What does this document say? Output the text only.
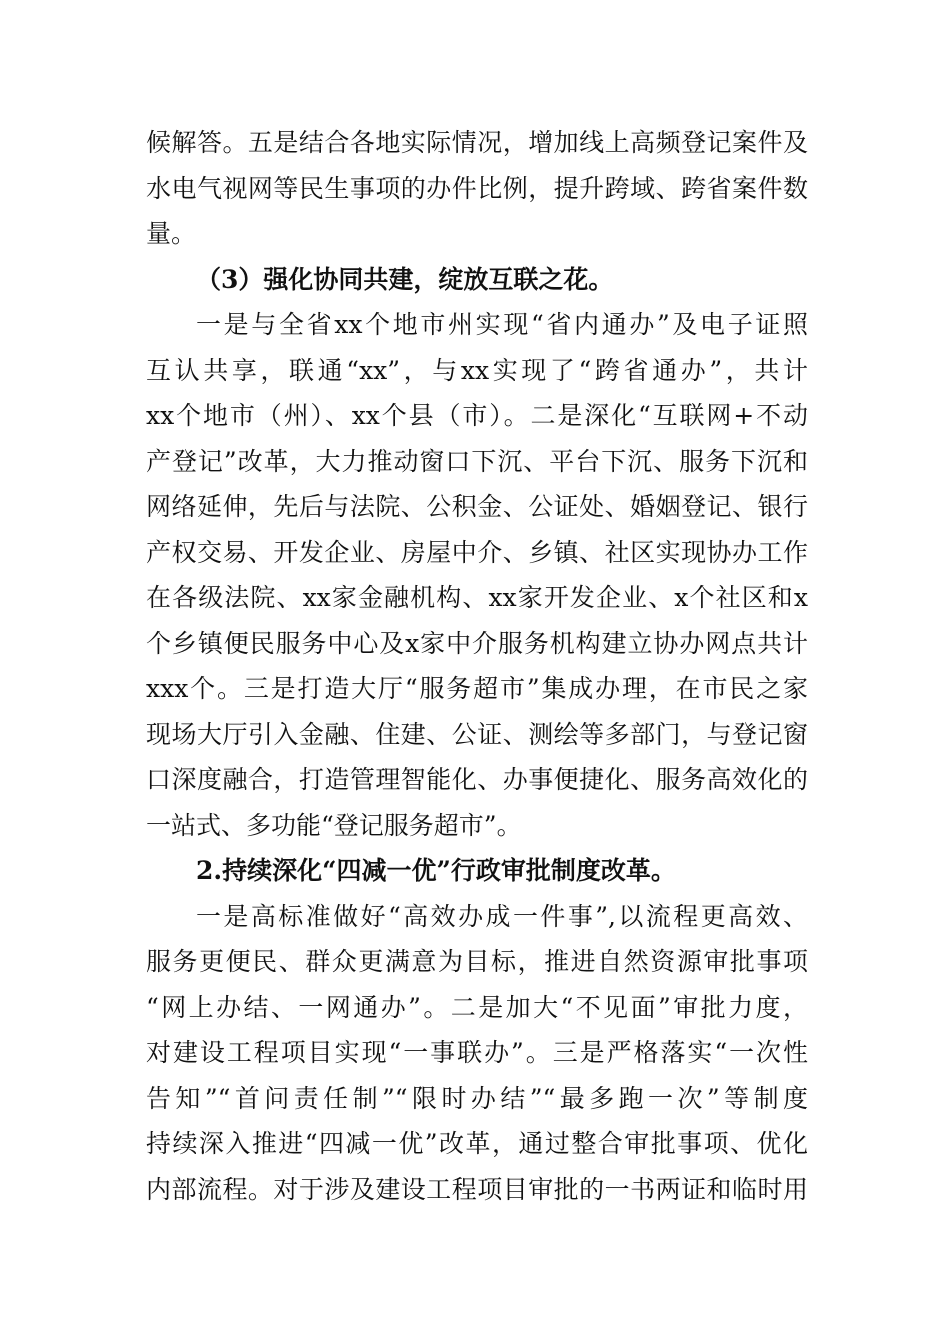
候解答。五是结合各地实际情况，增加线上高频登记案件及
水电气视网等民生事项的办件比例，提升跨域、跨省案件数
量。
（3）强化协同共建，绽放互联之花。
一是与全省xx个地市州实现“省内通办”及电子证照
互认共享，联通“xx”，与xx实现了“跨省通办”，共计
xx个地市（州）、xx个县（市）。二是深化“互联网+不动
产登记”改革，大力推动窗口下沉、平台下沉、服务下沉和
网络延伸，先后与法院、公积金、公证处、婚姻登记、银行
产权交易、开发企业、房屋中介、乡镇、社区实现协办工作
在各级法院、xx家金融机构、xx家开发企业、x个社区和x
个乡镇便民服务中心及x家中介服务机构建立协办网点共计
xxx个。三是打造大厅“服务超市”集成办理，在市民之家
现场大厅引入金融、住建、公证、测绘等多部门，与登记窗
口深度融合，打造管理智能化、办事便捷化、服务高效化的
一站式、多功能“登记服务超市”。
2.持续深化“四减一优”行政审批制度改革。
一是高标准做好“高效办成一件事”,以流程更高效、
服务更便民、群众更满意为目标，推进自然资源审批事项
“网上办结、一网通办”。二是加大“不见面”审批力度，
对建设工程项目实现“一事联办”。三是严格落实“一次性
告知”“首问责任制”“限时办结”“最多跑一次”等制度
持续深入推进“四减一优”改革，通过整合审批事项、优化
内部流程。对于涉及建设工程项目审批的一书两证和临时用
